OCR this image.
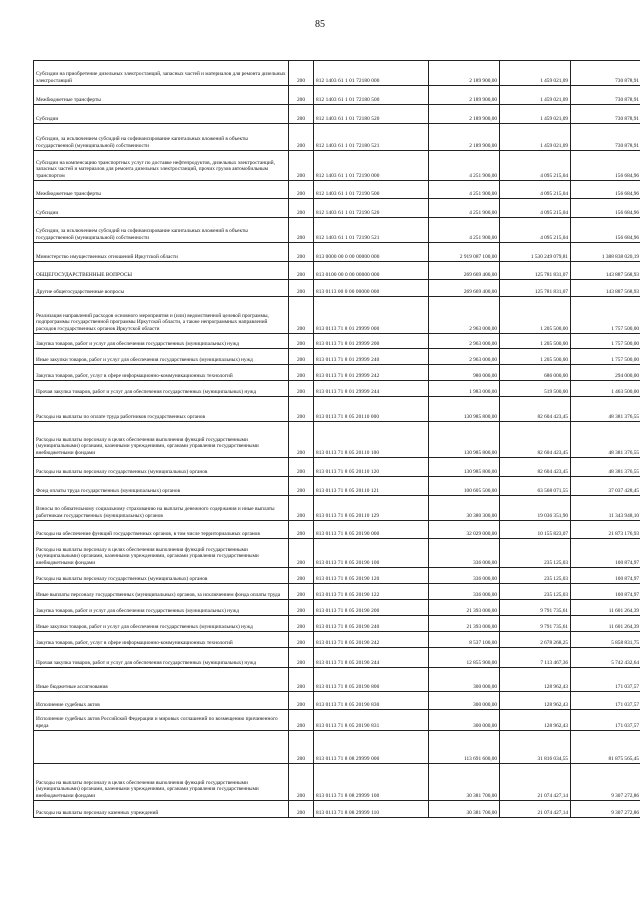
85
Субсидии на приобретение дизельных электростанций, запасных частей и материалов для ремонта дизельных электростанций	200	812 1403 61 1 01 72180 000	2 189 900,00	1 459 021,09	730 878,91
Межбюджетные трансферты	200	812 1403 61 1 01 72180 500	2 189 900,00	1 459 021,09	730 878,91
Субсидии	200	812 1403 61 1 01 72180 520	2 189 900,00	1 459 021,09	730 878,91
Субсидии, за исключением субсидий на софинансирование капитальных вложений в объекты государственной (муниципальной) собственности	200	812 1403 61 1 01 72180 521	2 189 900,00	1 459 021,09	730 878,91
Субсидии на компенсацию транспортных услуг по доставке нефтепродуктов, дизельных электростанций, запасных частей и материалов для ремонта дизельных электростанций, прочих грузов автомобильным транспортом	200	812 1403 61 1 01 72190 000	4 251 900,00	4 095 215,04	156 684,96
Межбюджетные трансферты	200	812 1403 61 1 01 72190 500	4 251 900,00	4 095 215,04	156 684,96
Субсидии	200	812 1403 61 1 01 72190 520	4 251 900,00	4 095 215,04	156 684,96
Субсидии, за исключением субсидий на софинансирование капитальных вложений в объекты государственной (муниципальной) собственности	200	812 1403 61 1 01 72190 521	4 251 900,00	4 095 215,04	156 684,96
Министерство имущественных отношений Иркутской области	200	813 0000 00 0 00 00000 000	2 919 087 100,00	1 530 249 079,81	1 388 838 020,19
ОБЩЕГОСУДАРСТВЕННЫЕ ВОПРОСЫ	200	813 0100 00 0 00 00000 000	269 669 400,00	125 781 831,07	143 887 568,93
Другие общегосударственные вопросы	200	813 0113 00 0 00 00000 000	269 669 400,00	125 781 831,07	143 887 568,93
Реализация направлений расходов основного мероприятия и (или) ведомственной целевой программы, подпрограммы государственной программы Иркутской области, а также непрограммных направлений расходов государственных органов Иркутской области	200	813 0113 71 8 01 29999 000	2 963 000,00	1 205 500,00	1 757 500,00
Закупка товаров, работ и услуг для обеспечения государственных (муниципальных) нужд	200	813 0113 71 8 01 29999 200	2 963 000,00	1 205 500,00	1 757 500,00
Иные закупки товаров, работ и услуг для обеспечения государственных (муниципальных) нужд	200	813 0113 71 8 01 29999 240	2 963 000,00	1 205 500,00	1 757 500,00
Закупка товаров, работ, услуг в сфере информационно-коммуникационных технологий	200	813 0113 71 8 01 29999 242	980 000,00	686 000,00	294 000,00
Прочая закупка товаров, работ и услуг для обеспечения государственных (муниципальных) нужд	200	813 0113 71 8 01 29999 244	1 983 000,00	519 500,00	1 463 500,00
Расходы на выплаты по оплате труда работников государственных органов	200	813 0113 71 8 05 20110 000	130 985 800,00	82 604 423,45	48 381 376,55
Расходы на выплаты персоналу в целях обеспечения выполнения функций государственными (муниципальными) органами, казенными учреждениями, органами управления государственными внебюджетными фондами	200	813 0113 71 8 05 20110 100	130 985 800,00	82 604 423,45	48 381 376,55
Расходы на выплаты персоналу государственных (муниципальных) органов	200	813 0113 71 8 05 20110 120	130 985 800,00	82 604 423,45	48 381 376,55
Фонд оплаты труда государственных (муниципальных) органов	200	813 0113 71 8 05 20110 121	100 605 500,00	63 568 071,55	37 037 428,45
Взносы по обязательному социальному страхованию на выплаты денежного содержания и иные выплаты работникам государственных (муниципальных) органов	200	813 0113 71 8 05 20110 129	30 380 300,00	19 036 351,90	11 343 948,10
Расходы на обеспечение функций государственных органов, в том числе территориальных органов	200	813 0113 71 8 05 20190 000	32 029 000,00	10 155 823,07	21 873 176,93
Расходы на выплаты персоналу в целях обеспечения выполнения функций государственными (муниципальными) органами, казенными учреждениями, органами управления государственными внебюджетными фондами	200	813 0113 71 8 05 20190 100	336 000,00	235 125,03	100 874,97
Расходы на выплаты персоналу государственных (муниципальных) органов	200	813 0113 71 8 05 20190 120	336 000,00	235 125,03	100 874,97
Иные выплаты персоналу государственных (муниципальных) органов, за исключением фонда оплаты труда	200	813 0113 71 8 05 20190 122	336 000,00	235 125,03	100 874,97
Закупка товаров, работ и услуг для обеспечения государственных (муниципальных) нужд	200	813 0113 71 8 05 20190 200	21 393 000,00	9 791 735,61	11 601 264,39
Иные закупки товаров, работ и услуг для обеспечения государственных (муниципальных) нужд	200	813 0113 71 8 05 20190 240	21 393 000,00	9 791 735,61	11 601 264,39
Закупка товаров, работ, услуг в сфере информационно-коммуникационных технологий	200	813 0113 71 8 05 20190 242	8 537 100,00	2 678 268,25	5 858 831,75
Прочая закупка товаров, работ и услуг для обеспечения государственных (муниципальных) нужд	200	813 0113 71 8 05 20190 244	12 855 900,00	7 113 467,36	5 742 432,64
Иные бюджетные ассигнования	200	813 0113 71 8 05 20190 800	300 000,00	128 962,43	171 037,57
Исполнение судебных актов	200	813 0113 71 8 05 20190 830	300 000,00	128 962,43	171 037,57
Исполнение судебных актов Российской Федерации и мировых соглашений по возмещению причиненного вреда	200	813 0113 71 8 05 20190 831	300 000,00	128 962,43	171 037,57
	200	813 0113 71 8 08 29999 000	113 691 600,00	31 816 034,55	81 875 565,45
Расходы на выплаты персоналу в целях обеспечения выполнения функций государственными (муниципальными) органами, казенными учреждениями, органами управления государственными внебюджетными фондами	200	813 0113 71 8 08 29999 100	30 381 700,00	21 074 427,14	9 307 272,86
Расходы на выплаты персоналу казенных учреждений	200	813 0113 71 8 08 29999 110	30 381 700,00	21 074 427,14	9 307 272,86
